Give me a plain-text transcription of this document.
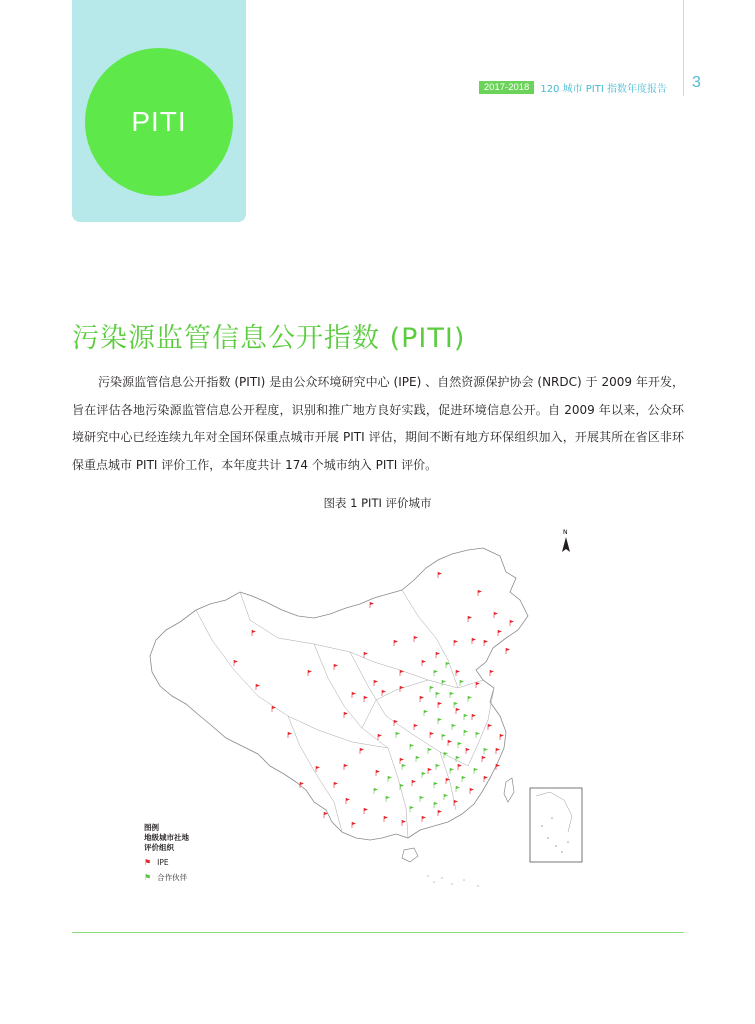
PITI
2017-2018	120 城市 PITI 指数年度报告 3
污染源监管信息公开指数 (PITI)

污染源监管信息公开指数 (PITI) 是由公众环境研究中心 (IPE) 、自然资源保护协会 (NRDC) 于 2009 年开发，旨在评估各地污染源监管信息公开程度，识别和推广地方良好实践，促进环境信息公开。自 2009 年以来，公众环境研究中心已经连续九年对全国环保重点城市开展 PITI 评估，期间不断有地方环保组织加入，开展其所在省区非环保重点城市 PITI 评价工作，本年度共计 174 个城市纳入 PITI 评价。

图表 1 PITI 评价城市
N
图例
地级城市社地
评价组织
⚑ IPE
⚑ 合作伙伴
